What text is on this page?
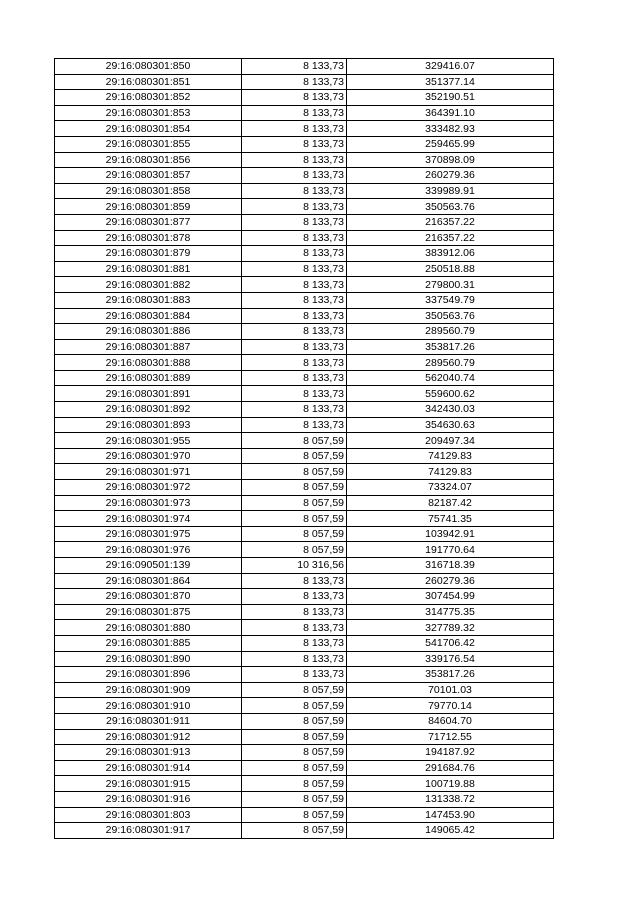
29:16:080301:850	8 133,73	329416.07
29:16:080301:851	8 133,73	351377.14
29:16:080301:852	8 133,73	352190.51
29:16:080301:853	8 133,73	364391.10
29:16:080301:854	8 133,73	333482.93
29:16:080301:855	8 133,73	259465.99
29:16:080301:856	8 133,73	370898.09
29:16:080301:857	8 133,73	260279.36
29:16:080301:858	8 133,73	339989.91
29:16:080301:859	8 133,73	350563.76
29:16:080301:877	8 133,73	216357.22
29:16:080301:878	8 133,73	216357.22
29:16:080301:879	8 133,73	383912.06
29:16:080301:881	8 133,73	250518.88
29:16:080301:882	8 133,73	279800.31
29:16:080301:883	8 133,73	337549.79
29:16:080301:884	8 133,73	350563.76
29:16:080301:886	8 133,73	289560.79
29:16:080301:887	8 133,73	353817.26
29:16:080301:888	8 133,73	289560.79
29:16:080301:889	8 133,73	562040.74
29:16:080301:891	8 133,73	559600.62
29:16:080301:892	8 133,73	342430.03
29:16:080301:893	8 133,73	354630.63
29:16:080301:955	8 057,59	209497.34
29:16:080301:970	8 057,59	74129.83
29:16:080301:971	8 057,59	74129.83
29:16:080301:972	8 057,59	73324.07
29:16:080301:973	8 057,59	82187.42
29:16:080301:974	8 057,59	75741.35
29:16:080301:975	8 057,59	103942.91
29:16:080301:976	8 057,59	191770.64
29:16:090501:139	10 316,56	316718.39
29:16:080301:864	8 133,73	260279.36
29:16:080301:870	8 133,73	307454.99
29:16:080301:875	8 133,73	314775.35
29:16:080301:880	8 133,73	327789.32
29:16:080301:885	8 133,73	541706.42
29:16:080301:890	8 133,73	339176.54
29:16:080301:896	8 133,73	353817.26
29:16:080301:909	8 057,59	70101.03
29:16:080301:910	8 057,59	79770.14
29:16:080301:911	8 057,59	84604.70
29:16:080301:912	8 057,59	71712.55
29:16:080301:913	8 057,59	194187.92
29:16:080301:914	8 057,59	291684.76
29:16:080301:915	8 057,59	100719.88
29:16:080301:916	8 057,59	131338.72
29:16:080301:803	8 057,59	147453.90
29:16:080301:917	8 057,59	149065.42
